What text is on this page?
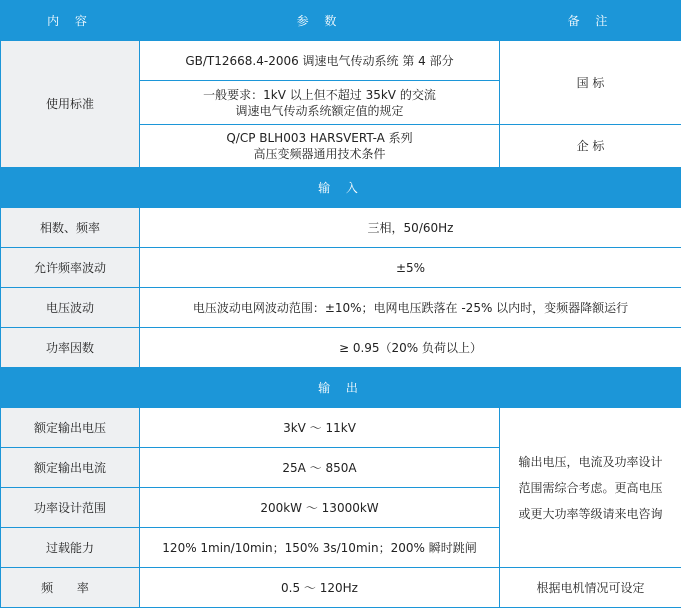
内 容	参 数	备 注
使用标准	GB/T12668.4-2006 调速电气传动系统 第 4 部分	国 标

	一般要求：1kV 以上但不超过 35kV 的交流
调速电气传动系统额定值的规定	

	Q/CP BLH003 HARSVERT-A 系列
高压变频器通用技术条件	企 标
输 入		
相数、频率	三相，50/60Hz	
允许频率波动	±5%	
电压波动	电压波动电网波动范围：±10%；电网电压跌落在 -25% 以内时，变频器降额运行	
功率因数	≥ 0.95（20% 负荷以上）	
输 出		
额定输出电压	3kV ～ 11kV	输出电压，电流及功率设计
范围需综合考虑。更高电压
或更大功率等级请来电咨询

额定输出电流	25A ～ 850A	
功率设计范围	200kW ～ 13000kW	
过载能力	120% 1min/10min；150% 3s/10min；200% 瞬时跳闸	
频 率	0.5 ～ 120Hz	根据电机情况可设定
